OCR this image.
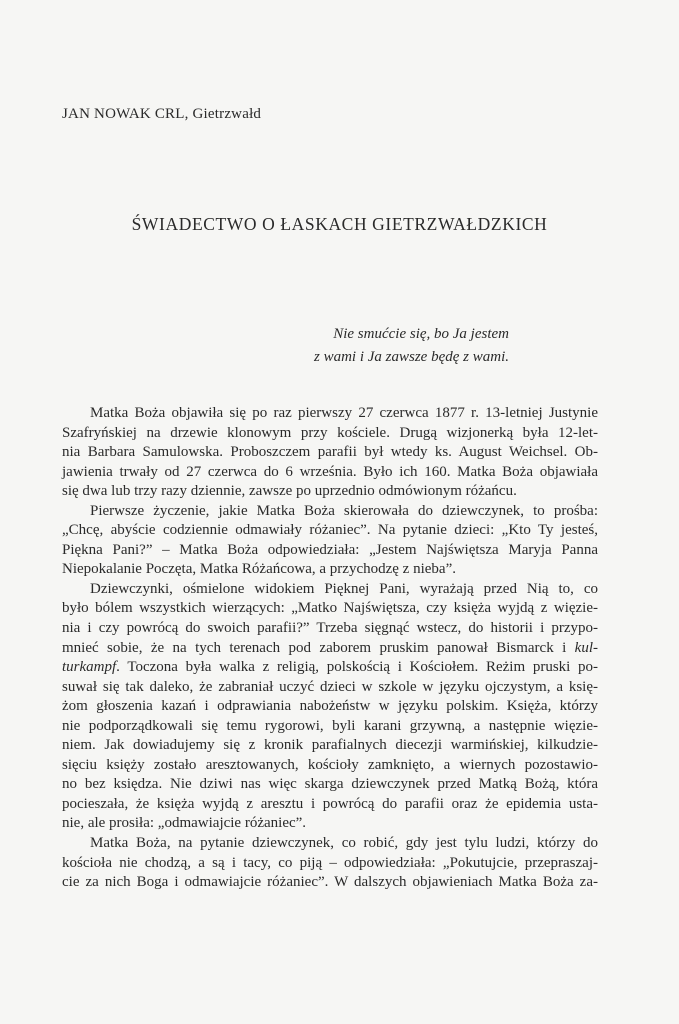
JAN NOWAK CRL, Gietrzwałd
ŚWIADECTWO O ŁASKACH GIETRZWAŁDZKICH
Nie smućcie się, bo Ja jestem
z wami i Ja zawsze będę z wami.
Matka Boża objawiła się po raz pierwszy 27 czerwca 1877 r. 13-letniej Justynie
Szafryńskiej na drzewie klonowym przy kościele. Drugą wizjonerką była 12-let-
nia Barbara Samulowska. Proboszczem parafii był wtedy ks. August Weichsel. Ob-
jawienia trwały od 27 czerwca do 6 września. Było ich 160. Matka Boża objawiała
się dwa lub trzy razy dziennie, zawsze po uprzednio odmówionym różańcu.
Pierwsze życzenie, jakie Matka Boża skierowała do dziewczynek, to prośba:
„Chcę, abyście codziennie odmawiały różaniec”. Na pytanie dzieci: „Kto Ty jesteś,
Piękna Pani?” – Matka Boża odpowiedziała: „Jestem Najświętsza Maryja Panna
Niepokalanie Poczęta, Matka Różańcowa, a przychodzę z nieba”.
Dziewczynki, ośmielone widokiem Pięknej Pani, wyrażają przed Nią to, co
było bólem wszystkich wierzących: „Matko Najświętsza, czy księża wyjdą z więzie-
nia i czy powrócą do swoich parafii?” Trzeba sięgnąć wstecz, do historii i przypo-
mnieć sobie, że na tych terenach pod zaborem pruskim panował Bismarck i kul-
turkampf. Toczona była walka z religią, polskością i Kościołem. Reżim pruski po-
suwał się tak daleko, że zabraniał uczyć dzieci w szkole w języku ojczystym, a księ-
żom głoszenia kazań i odprawiania nabożeństw w języku polskim. Księża, którzy
nie podporządkowali się temu rygorowi, byli karani grzywną, a następnie więzie-
niem. Jak dowiadujemy się z kronik parafialnych diecezji warmińskiej, kilkudzie-
sięciu księży zostało aresztowanych, kościoły zamknięto, a wiernych pozostawio-
no bez księdza. Nie dziwi nas więc skarga dziewczynek przed Matką Bożą, która
pocieszała, że księża wyjdą z aresztu i powrócą do parafii oraz że epidemia usta-
nie, ale prosiła: „odmawiajcie różaniec”.
Matka Boża, na pytanie dziewczynek, co robić, gdy jest tylu ludzi, którzy do
kościoła nie chodzą, a są i tacy, co piją – odpowiedziała: „Pokutujcie, przepraszaj-
cie za nich Boga i odmawiajcie różaniec”. W dalszych objawieniach Matka Boża za-
